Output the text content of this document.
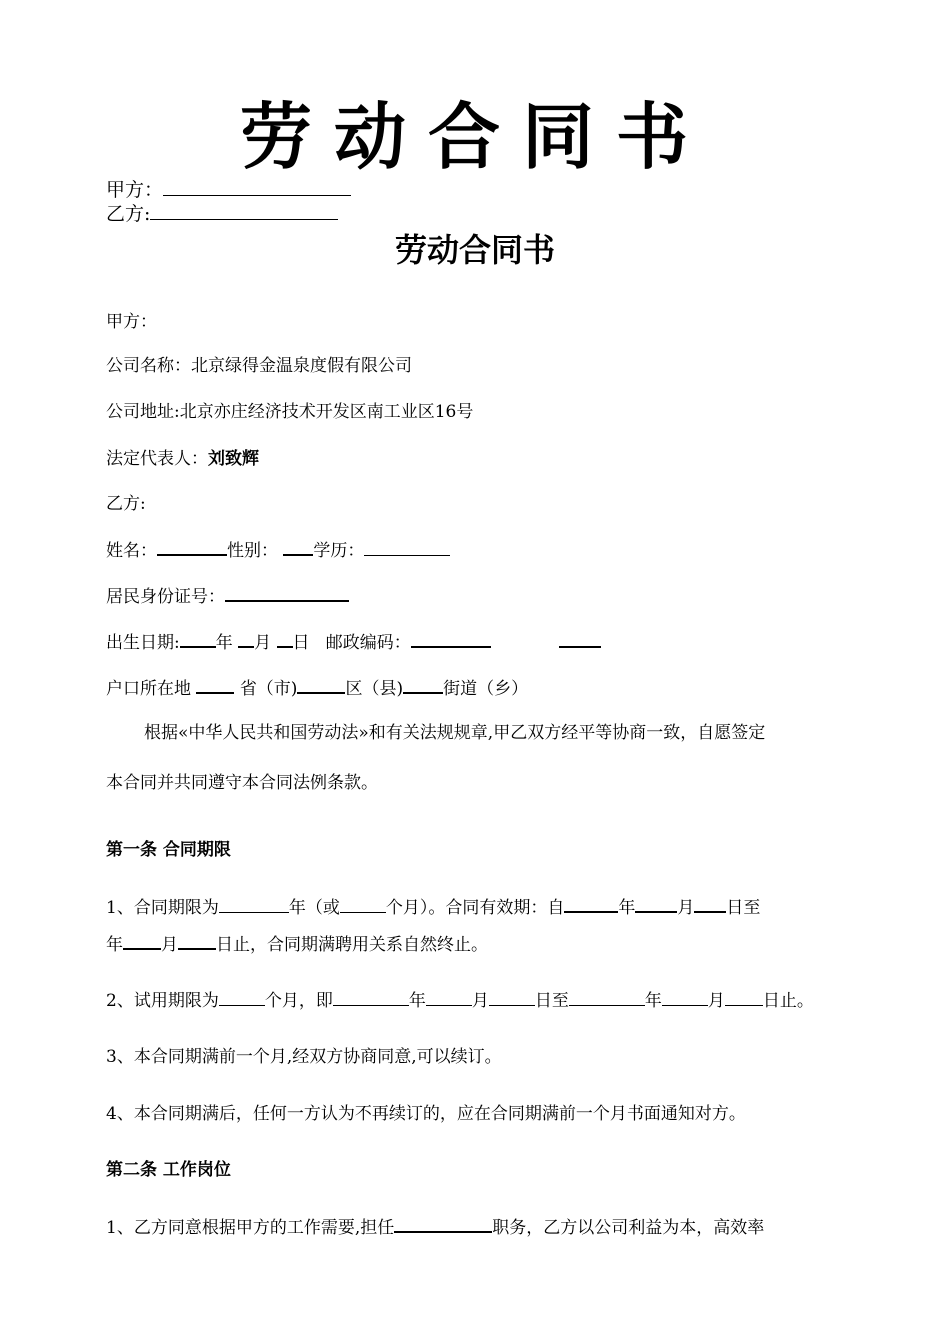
劳动合同书
甲方：
乙方:
劳动合同书
甲方：
公司名称：北京绿得金温泉度假有限公司
公司地址:北京亦庄经济技术开发区南工业区16号
法定代表人：刘致辉
乙方:
姓名：	性别： 学历：
居民身份证号：
出生日期: 年 月 日 邮政编码：
户口所在地	省（市)	区（县) 街道（乡）
根据«中华人民共和国劳动法»和有关法规规章,甲乙双方经平等协商一致，自愿签定
本合同并共同遵守本合同法例条款。
第一条 合同期限
1、合同期限为	年（或	个月）。合同有效期：自	年 月 日至
年 月 日止，合同期满聘用关系自然终止。
2、试用期限为	个月，即	年	月	日至	年	月 日止。
3、本合同期满前一个月,经双方协商同意,可以续订。
4、本合同期满后，任何一方认为不再续订的，应在合同期满前一个月书面通知对方。
第二条 工作岗位
1、乙方同意根据甲方的工作需要,担任	职务，乙方以公司利益为本，高效率
